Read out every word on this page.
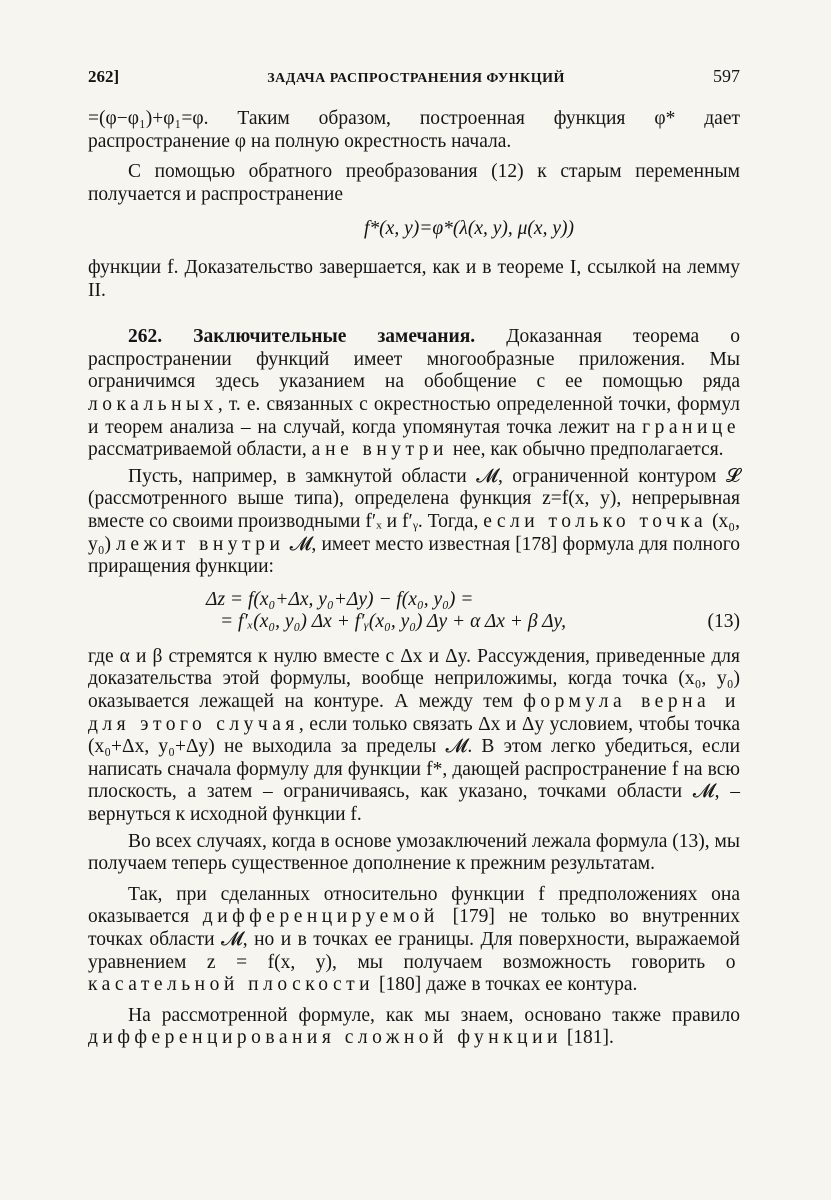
262]	ЗАДАЧА РАСПРОСТРАНЕНИЯ ФУНКЦИЙ	597

=(φ−φ₁)+φ₁=φ. Таким образом, построенная функция φ* дает распространение φ на полную окрестность начала.

С помощью обратного преобразования (12) к старым переменным получается и распространение

f*(x, y)=φ*(λ(x, y), μ(x, y))

функции f. Доказательство завершается, как и в теореме I, ссылкой на лемму II.

262. Заключительные замечания. Доказанная теорема о распространении функций имеет многообразные приложения. Мы ограничимся здесь указанием на обобщение с ее помощью ряда локальных, т. е. связанных с окрестностью определенной точки, формул и теорем анализа – на случай, когда упомянутая точка лежит на границе рассматриваемой области, а не внутри нее, как обычно предполагается.

Пусть, например, в замкнутой области 𝓜, ограниченной контуром 𝓛 (рассмотренного выше типа), определена функция z=f(x, y), непрерывная вместе со своими производными f′ₓ и f′ᵧ. Тогда, если только точка (x₀, y₀) лежит внутри 𝓜, имеет место известная [178] формула для полного приращения функции:

Δz = f(x₀+Δx, y₀+Δy) − f(x₀, y₀) =
= f′ₓ(x₀, y₀) Δx + f′ᵧ(x₀, y₀) Δy + α Δx + β Δy,	(13)

где α и β стремятся к нулю вместе с Δx и Δy. Рассуждения, приведенные для доказательства этой формулы, вообще неприложимы, когда точка (x₀, y₀) оказывается лежащей на контуре. А между тем формула верна и для этого случая, если только связать Δx и Δy условием, чтобы точка (x₀+Δx, y₀+Δy) не выходила за пределы 𝓜. В этом легко убедиться, если написать сначала формулу для функции f*, дающей распространение f на всю плоскость, а затем – ограничиваясь, как указано, точками области 𝓜, – вернуться к исходной функции f.

Во всех случаях, когда в основе умозаключений лежала формула (13), мы получаем теперь существенное дополнение к прежним результатам.

Так, при сделанных относительно функции f предположениях она оказывается дифференцируемой [179] не только во внутренних точках области 𝓜, но и в точках ее границы. Для поверхности, выражаемой уравнением z = f(x, y), мы получаем возможность говорить о касательной плоскости [180] даже в точках ее контура.

На рассмотренной формуле, как мы знаем, основано также правило дифференцирования сложной функции [181].
